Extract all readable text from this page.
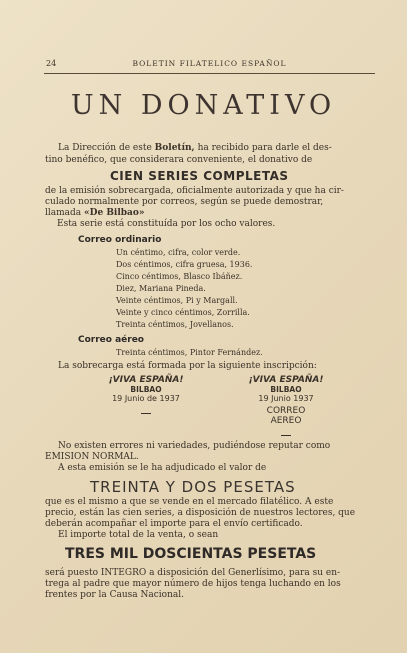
24	BOLETIN FILATELICO ESPAÑOL
UN DONATIVO
La Dirección de este Boletín, ha recibido para darle el des-
tino benéfico, que considerara conveniente, el donativo de
CIEN SERIES COMPLETAS
de la emisión sobrecargada, oficialmente autorizada y que ha cir-
culado normalmente por correos, según se puede demostrar,
llamada «De Bilbao»
Esta serie está constituída por los ocho valores.
Correo ordinario
Un céntimo, cifra, color verde.
Dos céntimos, cifra gruesa, 1936.
Cinco céntimos, Blasco Ibáñez.
Diez, Mariana Pineda.
Veinte céntimos, Pi y Margall.
Veinte y cinco céntimos, Zorrilla.
Treinta céntimos, Jovellanos.
Correo aéreo
Treinta céntimos, Pintor Fernández.
La sobrecarga está formada por la siguiente inscripción:
¡VIVA ESPAÑA!
BILBAO
19 Junio de 1937
¡VIVA ESPAÑA!
BILBAO
19 Junio 1937
CORREO
AEREO
No existen errores ni variedades, pudiéndose reputar como
EMISION NORMAL.
A esta emisión se le ha adjudicado el valor de
TREINTA Y DOS PESETAS
que es el mismo a que se vende en el mercado filatélico. A este
precio, están las cien series, a disposición de nuestros lectores, que
deberán acompañar el importe para el envío certificado.
El importe total de la venta, o sean
TRES MIL DOSCIENTAS PESETAS
será puesto INTEGRO a disposición del Generlísimo, para su en-
trega al padre que mayor número de hijos tenga luchando en los
frentes por la Causa Nacional.
